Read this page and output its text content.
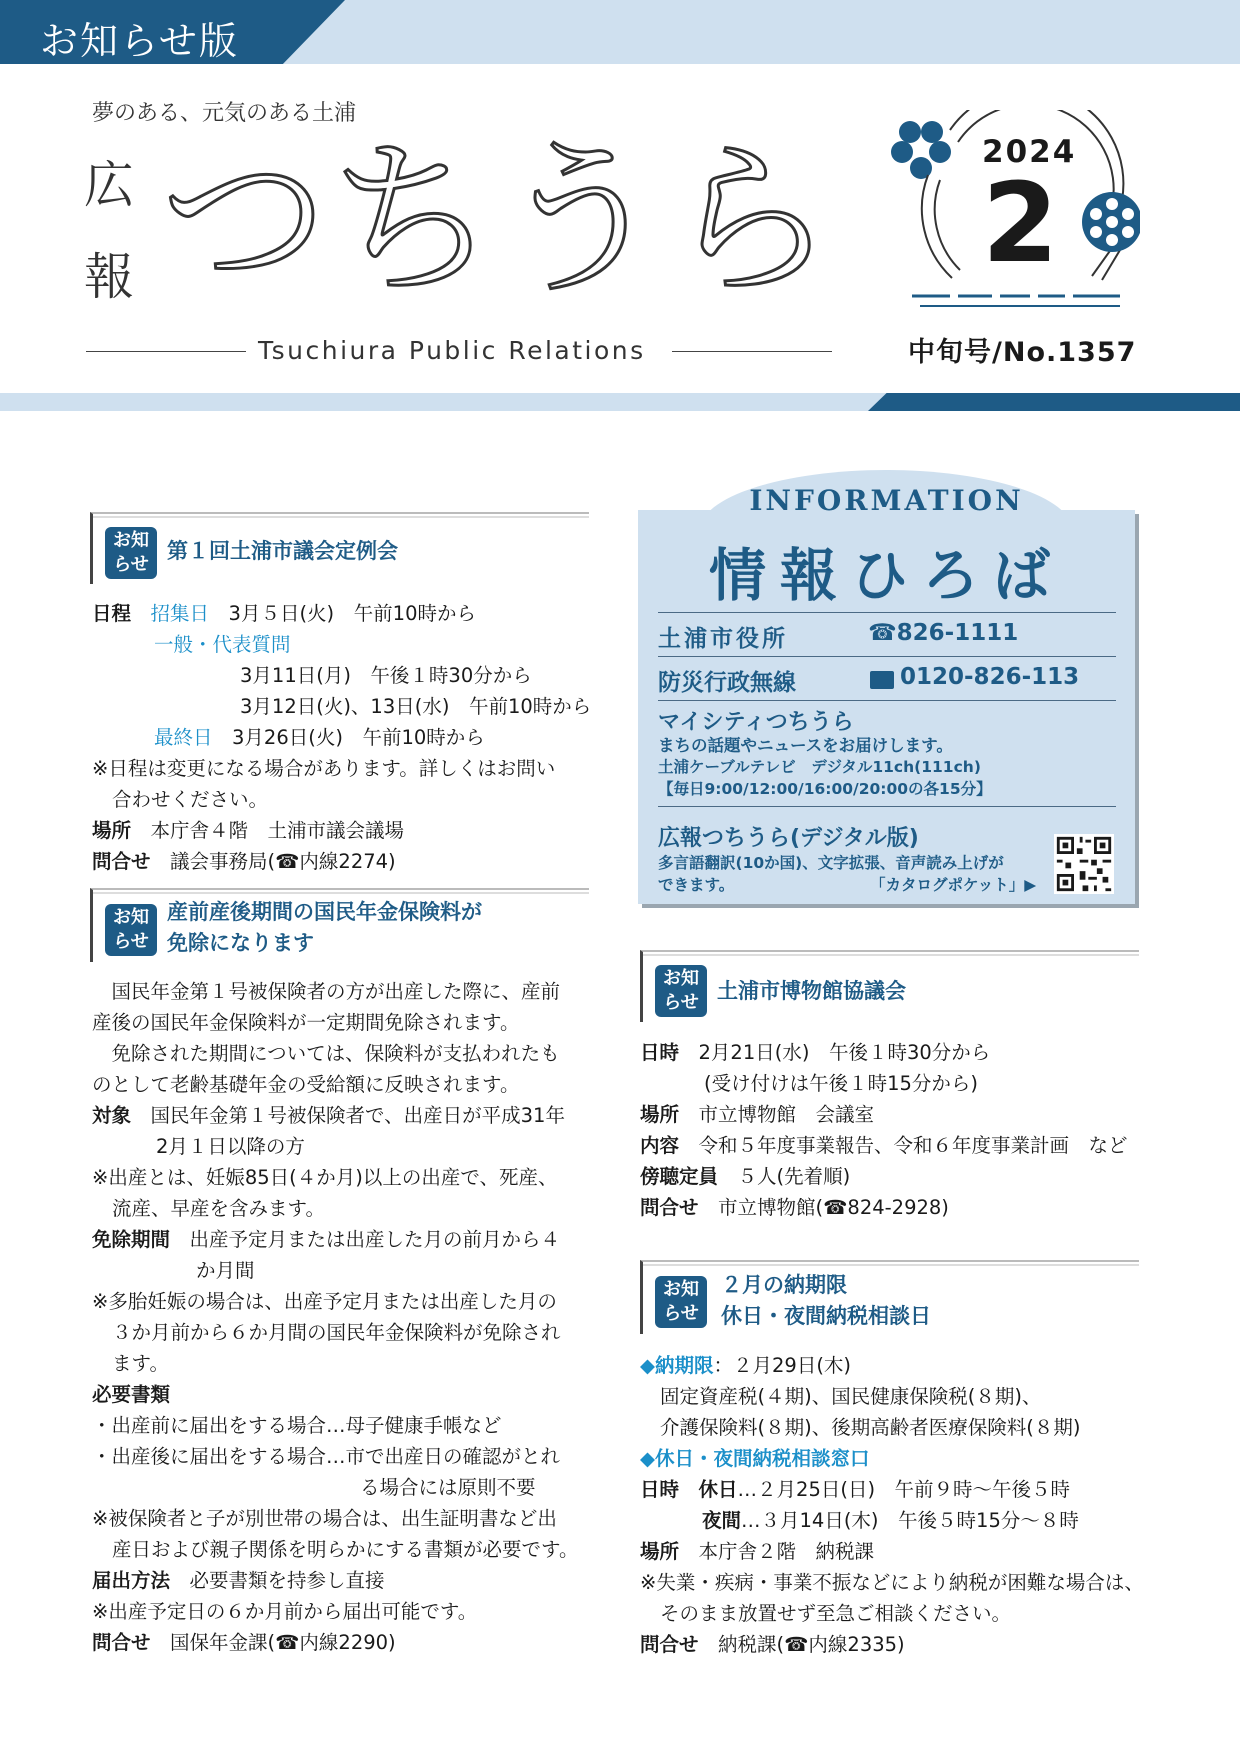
お知らせ版
夢のある、元気のある土浦
広
報 つちうら
Tsuchiura Public Relations
2024
2
中旬号/No.1357
お知
らせ
第１回土浦市議会定例会
日程　 招集日　3月５日(火)　午前10時から
一般・代表質問
3月11日(月)　午後１時30分から
3月12日(火)、13日(水)　午前10時から
最終日　3月26日(火)　午前10時から
※日程は変更になる場合があります。詳しくはお問い
合わせください。
場所　本庁舎４階　土浦市議会議場
問合せ　議会事務局(☎内線2274)
お知
らせ
産前産後期間の国民年金保険料が
免除になります
　国民年金第１号被保険者の方が出産した際に、産前
産後の国民年金保険料が一定期間免除されます。
　免除された期間については、保険料が支払われたも
のとして老齢基礎年金の受給額に反映されます。
対象　国民年金第１号被保険者で、出産日が平成31年
2月１日以降の方
※出産とは、妊娠85日(４か月)以上の出産で、死産、
流産、早産を含みます。
免除期間　出産予定月または出産した月の前月から４
か月間
※多胎妊娠の場合は、出産予定月または出産した月の
３か月前から６か月間の国民年金保険料が免除され
ます。
必要書類
・出産前に届出をする場合…母子健康手帳など
・出産後に届出をする場合…市で出産日の確認がとれ
る場合には原則不要
※被保険者と子が別世帯の場合は、出生証明書など出
産日および親子関係を明らかにする書類が必要です。
届出方法　必要書類を持参し直接
※出産予定日の６か月前から届出可能です。
問合せ　国保年金課(☎内線2290)
INFORMATION
情報ひろば
土浦市役所	☎826-1111
防災行政無線	0120-826-113
マイシティつちうら
まちの話題やニュースをお届けします。
土浦ケーブルテレビ　デジタル11ch(111ch)
【毎日9:00/12:00/16:00/20:00の各15分】
広報つちうら(デジタル版)
多言語翻訳(10か国)、文字拡張、音声読み上げが
できます。	「カタログポケット」▶
お知
らせ 土浦市博物館協議会
日時　2月21日(水)　午後１時30分から
(受け付けは午後１時15分から)
場所　市立博物館　会議室
内容　令和５年度事業報告、令和６年度事業計画　など
傍聴定員　５人(先着順)
問合せ　市立博物館(☎824-2928)
お知
らせ
２月の納期限
休日・夜間納税相談日
◆納期限：２月29日(木)
固定資産税(４期)、国民健康保険税(８期)、
介護保険料(８期)、後期高齢者医療保険料(８期)
◆休日・夜間納税相談窓口
日時　休日…２月25日(日)　午前９時～午後５時
夜間…３月14日(木)　午後５時15分～８時
場所　本庁舎２階　納税課
※失業・疾病・事業不振などにより納税が困難な場合は、
そのまま放置せず至急ご相談ください。
問合せ　納税課(☎内線2335)
